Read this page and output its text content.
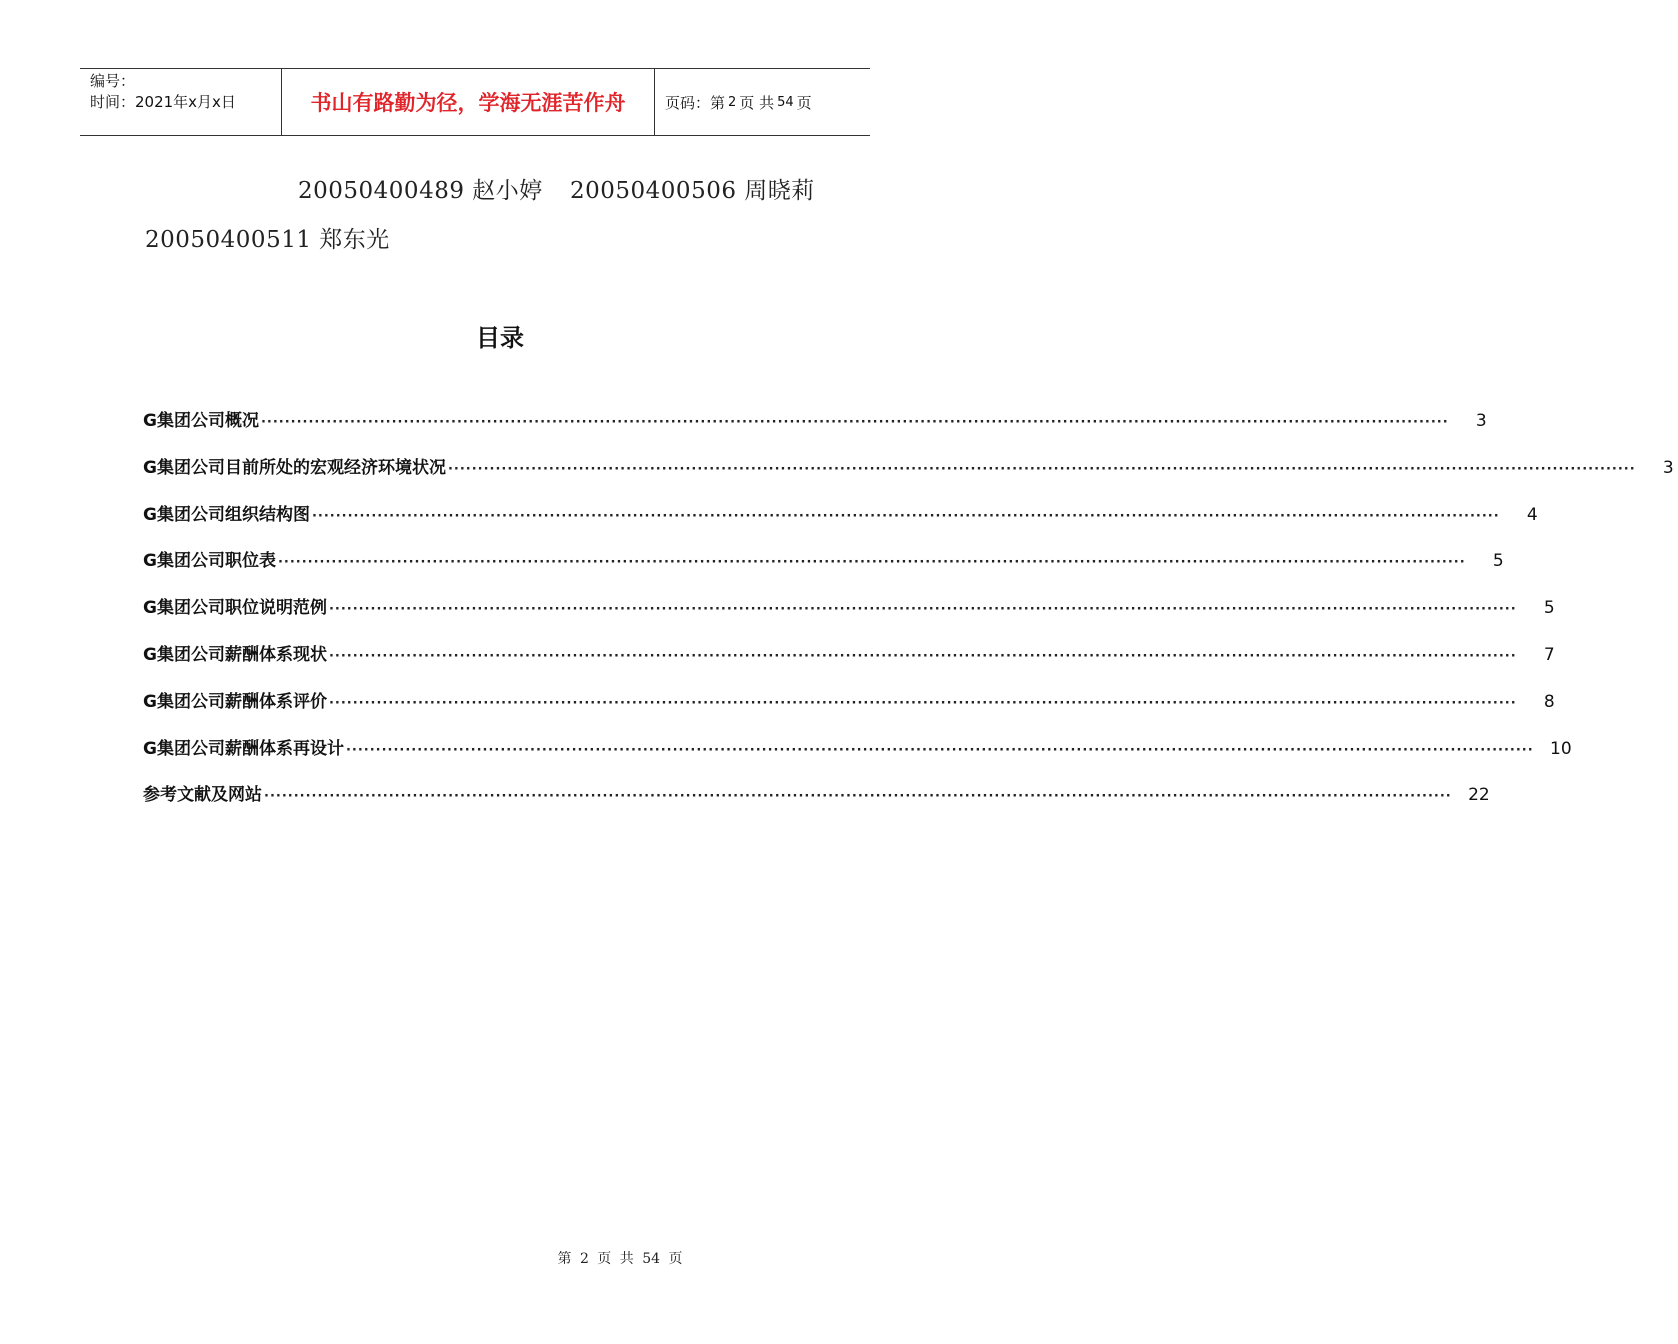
编号：
时间：2021年x月x日	书山有路勤为径，学海无涯苦作舟	页码：第 2 页 共 54 页
20050400489 赵小婷 20050400506 周晓莉
20050400511 郑东光
目录
G集团公司概况 ········································································································································································································	3
G集团公司目前所处的宏观经济环境状况 ········································································································································································································	3
G集团公司组织结构图 ········································································································································································································	4
G集团公司职位表 ········································································································································································································	5
G集团公司职位说明范例 ········································································································································································································	5
G集团公司薪酬体系现状 ········································································································································································································	7
G集团公司薪酬体系评价 ········································································································································································································	8
G集团公司薪酬体系再设计 ········································································································································································································ 10
参考文献及网站 ········································································································································································································ 22
第 2 页 共 54 页
